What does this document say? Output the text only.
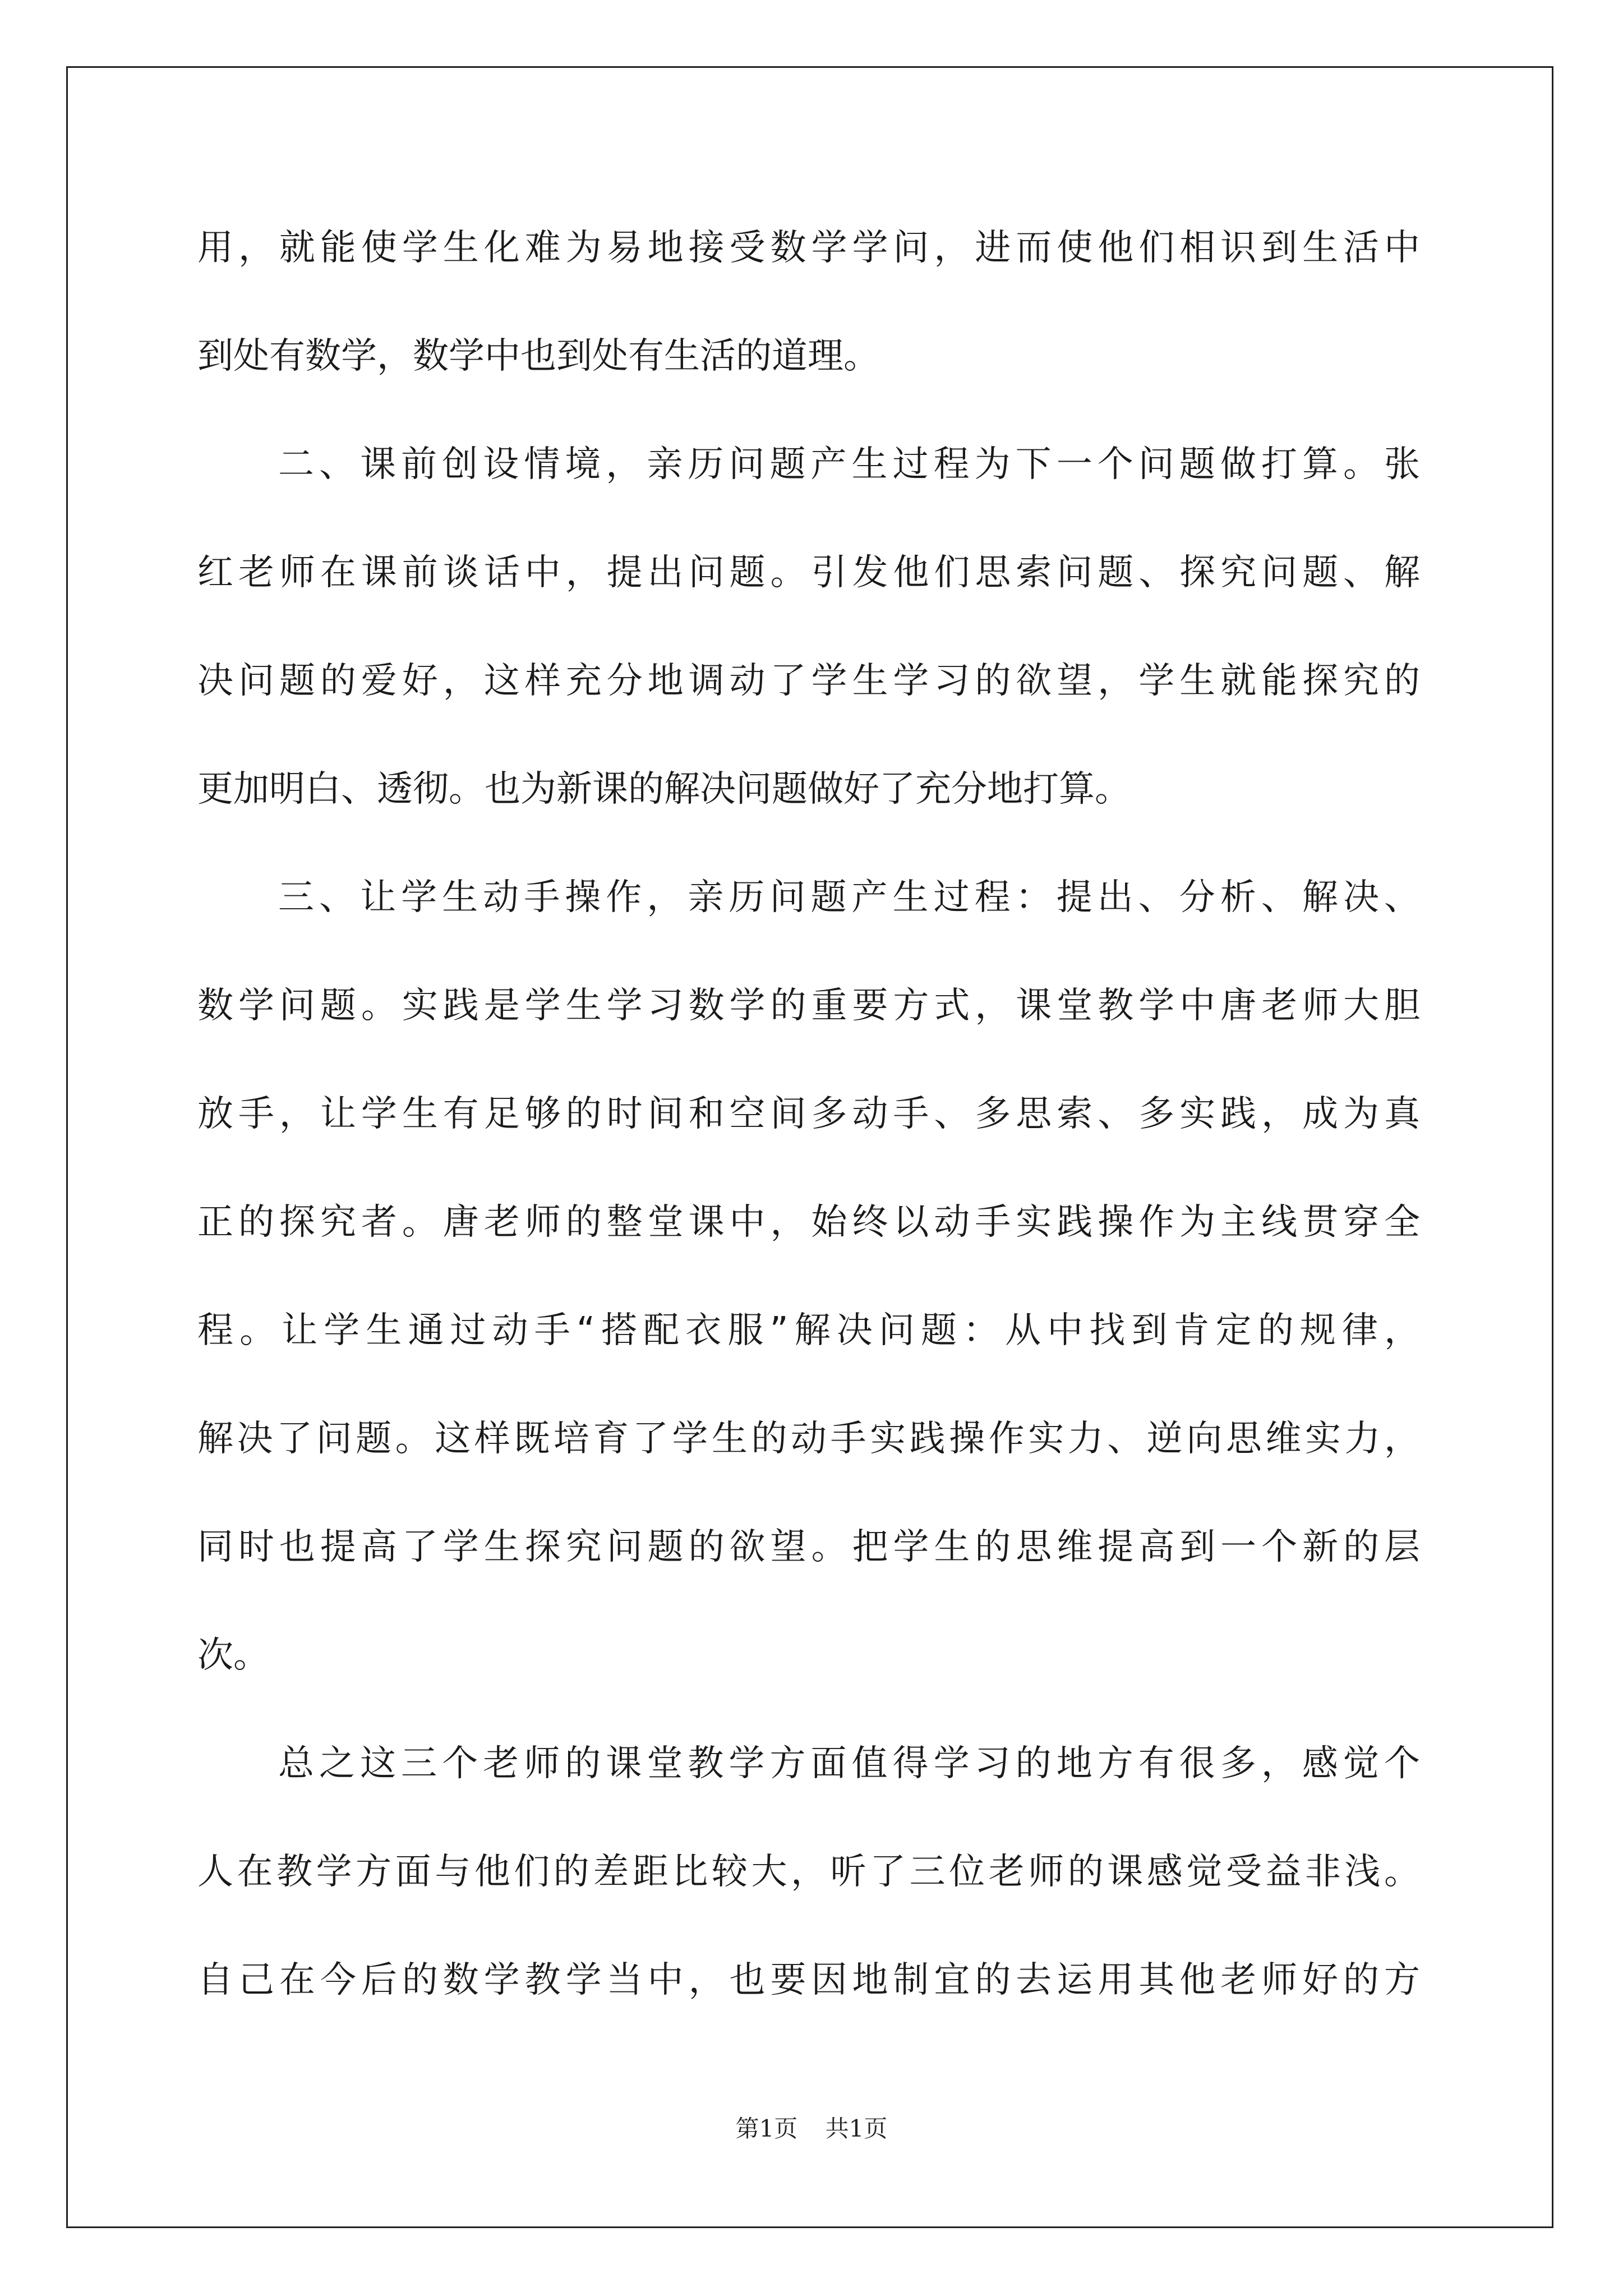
用，就能使学生化难为易地接受数学学问，进而使他们相识到生活中
到处有数学，数学中也到处有生活的道理。
二、课前创设情境，亲历问题产生过程为下一个问题做打算。张
红老师在课前谈话中，提出问题。引发他们思索问题、探究问题、解
决问题的爱好，这样充分地调动了学生学习的欲望，学生就能探究的
更加明白、透彻。也为新课的解决问题做好了充分地打算。
三、让学生动手操作，亲历问题产生过程：提出、分析、解决、
数学问题。实践是学生学习数学的重要方式，课堂教学中唐老师大胆
放手，让学生有足够的时间和空间多动手、多思索、多实践，成为真
正的探究者。唐老师的整堂课中，始终以动手实践操作为主线贯穿全
程。让学生通过动手“搭配衣服”解决问题：从中找到肯定的规律，
解决了问题。这样既培育了学生的动手实践操作实力、逆向思维实力，
同时也提高了学生探究问题的欲望。把学生的思维提高到一个新的层
次。
总之这三个老师的课堂教学方面值得学习的地方有很多，感觉个
人在教学方面与他们的差距比较大，听了三位老师的课感觉受益非浅。
自己在今后的数学教学当中，也要因地制宜的去运用其他老师好的方
第1页 共1页
